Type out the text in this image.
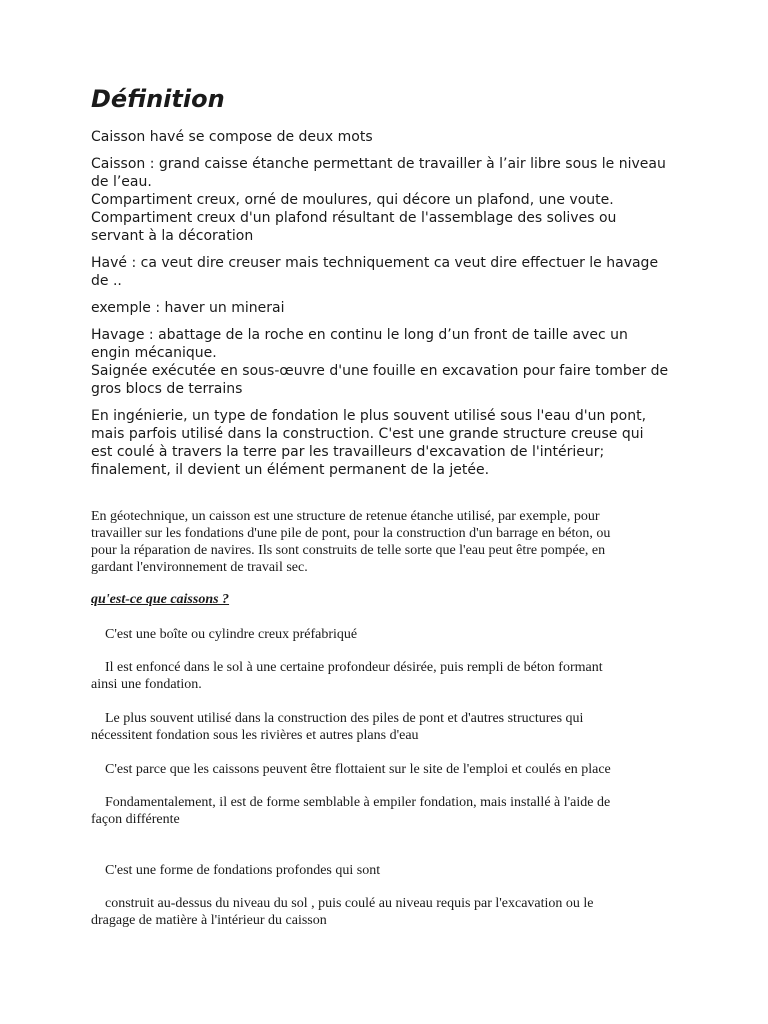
Définition

Caisson havé se compose de deux mots

Caisson : grand caisse étanche permettant de travailler à l’air libre sous le niveau
de l’eau.
Compartiment creux, orné de moulures, qui décore un plafond, une voute.
Compartiment creux d'un plafond résultant de l'assemblage des solives ou
servant à la décoration

Havé : ca veut dire creuser mais techniquement ca veut dire effectuer le havage
de ..

exemple : haver un minerai

Havage : abattage de la roche en continu le long d’un front de taille avec un
engin mécanique.
Saignée exécutée en sous-œuvre d'une fouille en excavation pour faire tomber de
gros blocs de terrains

En ingénierie, un type de fondation le plus souvent utilisé sous l'eau d'un pont,
mais parfois utilisé dans la construction. C'est une grande structure creuse qui
est coulé à travers la terre par les travailleurs d'excavation de l'intérieur;
finalement, il devient un élément permanent de la jetée.

En géotechnique, un caisson est une structure de retenue étanche utilisé, par exemple, pour
travailler sur les fondations d'une pile de pont, pour la construction d'un barrage en béton, ou
pour la réparation de navires. Ils sont construits de telle sorte que l'eau peut être pompée, en
gardant l'environnement de travail sec.
qu'est-ce que caissons ?
C'est une boîte ou cylindre creux préfabriqué
Il est enfoncé dans le sol à une certaine profondeur désirée, puis rempli de béton formant
ainsi une fondation.
Le plus souvent utilisé dans la construction des piles de pont et d'autres structures qui
nécessitent fondation sous les rivières et autres plans d'eau
C'est parce que les caissons peuvent être flottaient sur le site de l'emploi et coulés en place
Fondamentalement, il est de forme semblable à empiler fondation, mais installé à l'aide de
façon différente
C'est une forme de fondations profondes qui sont
construit au-dessus du niveau du sol , puis coulé au niveau requis par l'excavation ou le
dragage de matière à l'intérieur du caisson
